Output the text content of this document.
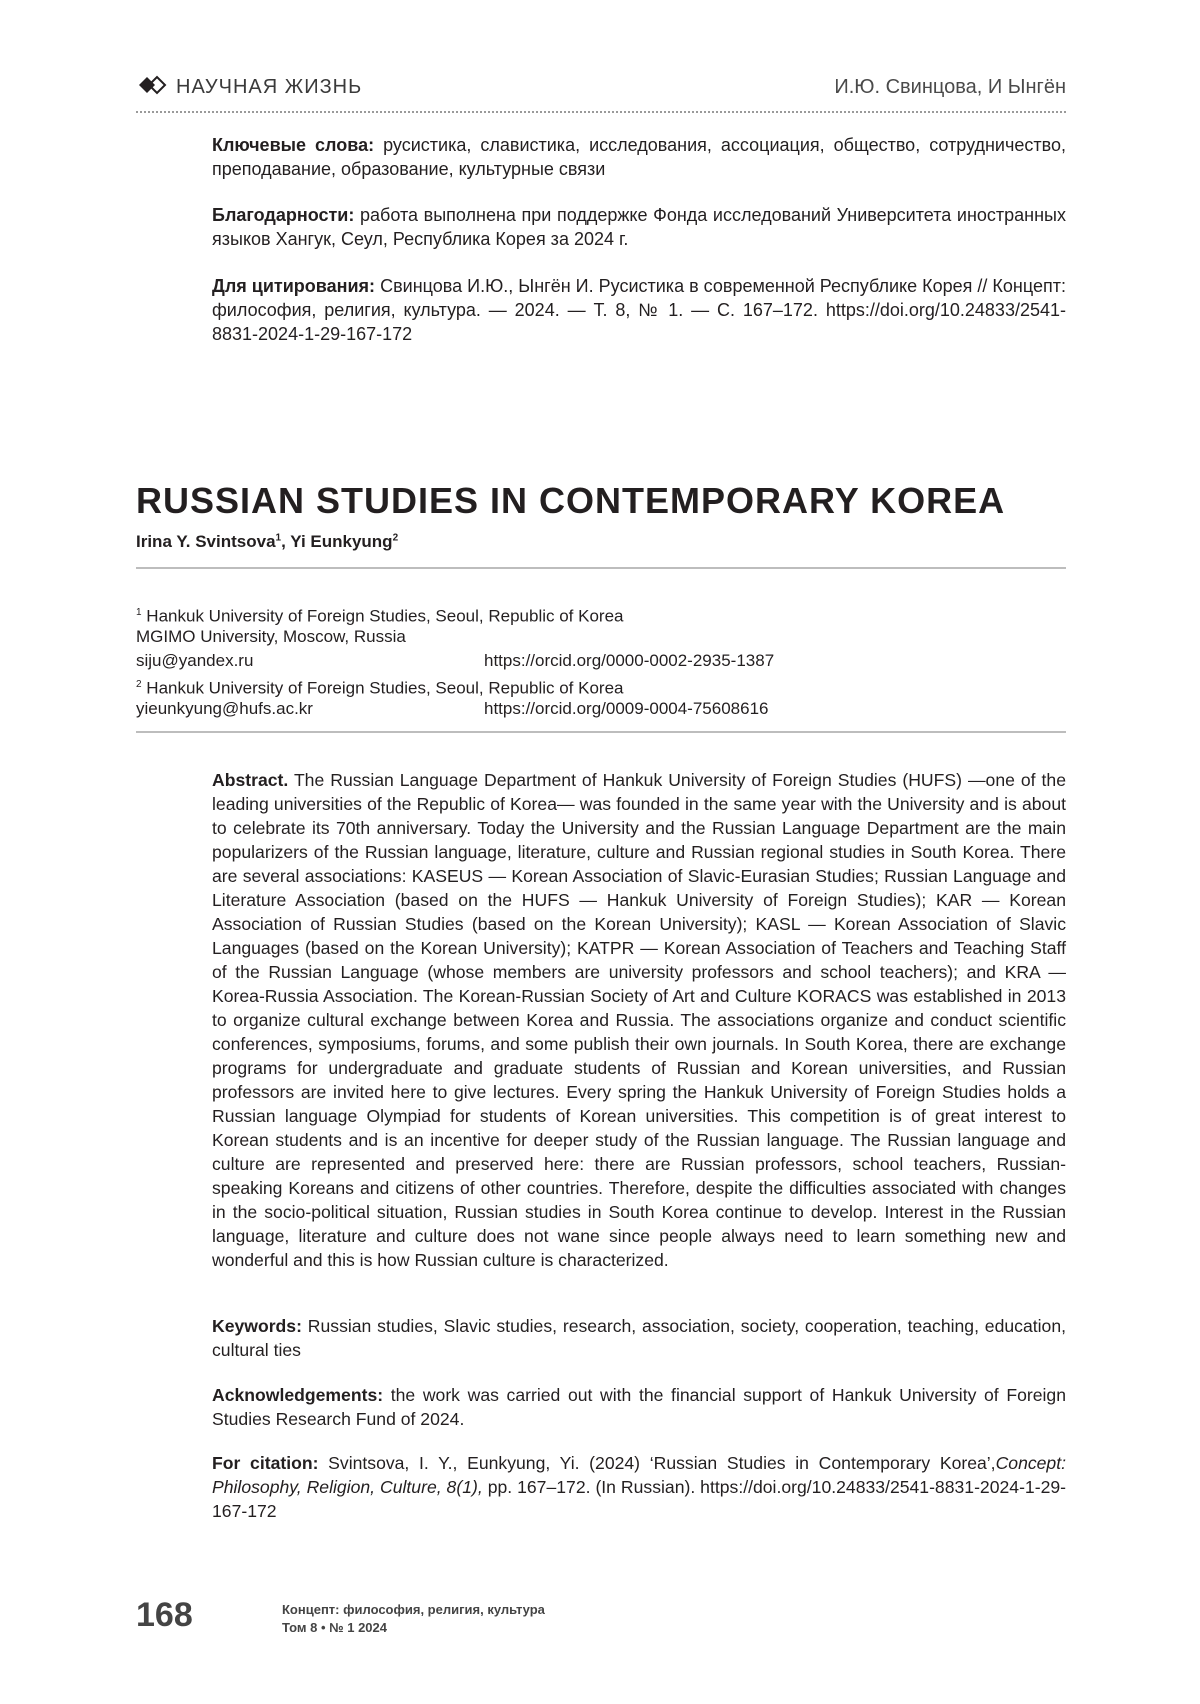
НАУЧНАЯ ЖИЗНЬ	И.Ю. Свинцова, И Ынгён
Ключевые слова: русистика, славистика, исследования, ассоциация, общество, сотрудничество, преподавание, образование, культурные связи
Благодарности: работа выполнена при поддержке Фонда исследований Университета иностранных языков Хангук, Сеул, Республика Корея за 2024 г.
Для цитирования: Свинцова И.Ю., Ынгён И. Русистика в современной Республике Корея // Концепт: философия, религия, культура. — 2024. — Т. 8, № 1. — С. 167–172. https://doi.org/10.24833/2541-8831-2024-1-29-167-172
RUSSIAN STUDIES IN CONTEMPORARY KOREA
Irina Y. Svintsova$^1$, Yi Eunkyung$^2$
$^1$ Hankuk University of Foreign Studies, Seoul, Republic of Korea
MGIMO University, Moscow, Russia
siju@yandex.ru	https://orcid.org/0000-0002-2935-1387
$^2$ Hankuk University of Foreign Studies, Seoul, Republic of Korea
yieunkyung@hufs.ac.kr	https://orcid.org/0009-0004-75608616
Abstract. The Russian Language Department of Hankuk University of Foreign Studies (HUFS) —one of the leading universities of the Republic of Korea— was founded in the same year with the University and is about to celebrate its 70th anniversary. Today the University and the Russian Language Department are the main popularizers of the Russian language, literature, culture and Russian regional studies in South Korea. There are several associations: KASEUS — Korean Association of Slavic-Eurasian Studies; Russian Language and Literature Association (based on the HUFS — Hankuk University of Foreign Studies); KAR — Korean Association of Russian Studies (based on the Korean University); KASL — Korean Association of Slavic Languages (based on the Korean University); KATPR — Korean Association of Teachers and Teaching Staff of the Russian Language (whose members are university professors and school teachers); and KRA — Korea-Russia Association. The Korean-Russian Society of Art and Culture KORACS was established in 2013 to organize cultural exchange between Korea and Russia. The associations organize and conduct scientific conferences, symposiums, forums, and some publish their own journals. In South Korea, there are exchange programs for undergraduate and graduate students of Russian and Korean universities, and Russian professors are invited here to give lectures. Every spring the Hankuk University of Foreign Studies holds a Russian language Olympiad for students of Korean universities. This competition is of great interest to Korean students and is an incentive for deeper study of the Russian language. The Russian language and culture are represented and preserved here: there are Russian professors, school teachers, Russian-speaking Koreans and citizens of other countries. Therefore, despite the difficulties associated with changes in the socio-political situation, Russian studies in South Korea continue to develop. Interest in the Russian language, literature and culture does not wane since people always need to learn something new and wonderful and this is how Russian culture is characterized.
Keywords: Russian studies, Slavic studies, research, association, society, cooperation, teaching, education, cultural ties
Acknowledgements: the work was carried out with the financial support of Hankuk University of Foreign Studies Research Fund of 2024.
For citation: Svintsova, I. Y., Eunkyung, Yi. (2024) ‘Russian Studies in Contemporary Korea’,Concept: Philosophy, Religion, Culture, 8(1), pp. 167–172. (In Russian). https://doi.org/10.24833/2541-8831-2024-1-29-167-172
168	Концепт: философия, религия, культура
Том 8 • № 1 2024
